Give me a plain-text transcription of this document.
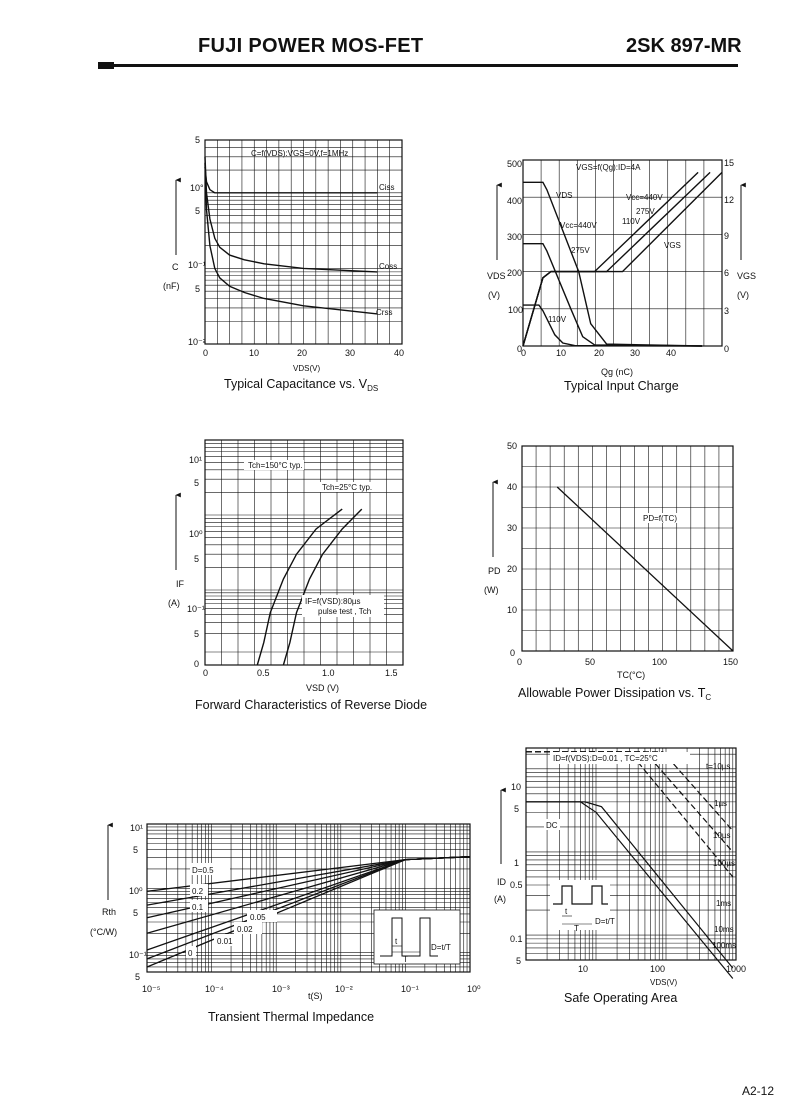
FUJI POWER MOS-FET	2SK 897-MR
A2-12
C=f(VDS):VGS=0V,f=1MHz
5
10°
5
10⁻¹
5
10⁻²
0	10	20	30	40
VDS(V)
C
(nF)
Ciss
Coss
Crss
Typical Capacitance vs. $V_{DS}$
VGS=f(Qg):ID=4A
500
400
300
200
100
0
15
12
9
6
3
0
0	10	20	30	40
Qg (nC)
VDS
(V)
VGS
(V)
VDS
VGS
Vcc=440V
275V
110V
Vcc=440V
275V
110V
Typical Input Charge
10¹
5
10⁰
5
10⁻¹
5
0
0	0.5	1.0	1.5
VSD (V)
IF
(A)
Tch=150°C typ.
Tch=25°C typ.
IF=f(VSD):80µs
pulse test , Tch
Forward Characteristics of Reverse Diode
50
40
30
20
10
0
0	50	100	150
TC(°C)
PD
(W)
PD=f(TC)
Allowable Power Dissipation vs. $T_C$
10¹
5
10⁰
5
10⁻¹
5
10⁻⁵	10⁻⁴	10⁻³	10⁻²	10⁻¹	10⁰
t(S)
Rth
(°C/W)
D=0.5
0.2
0.1
0.05
0.02
0.01
0
t
T
D=t/T
Transient Thermal Impedance
ID=f(VDS):D=0.01 , TC=25°C
10
5
1
0.5
0.1
5
10	100	1000
VDS(V)
ID
(A)
t=10µs
1µs
10µs
100µs
1ms
10ms
100ms
DC
t
T
D=t/T
Safe Operating Area
